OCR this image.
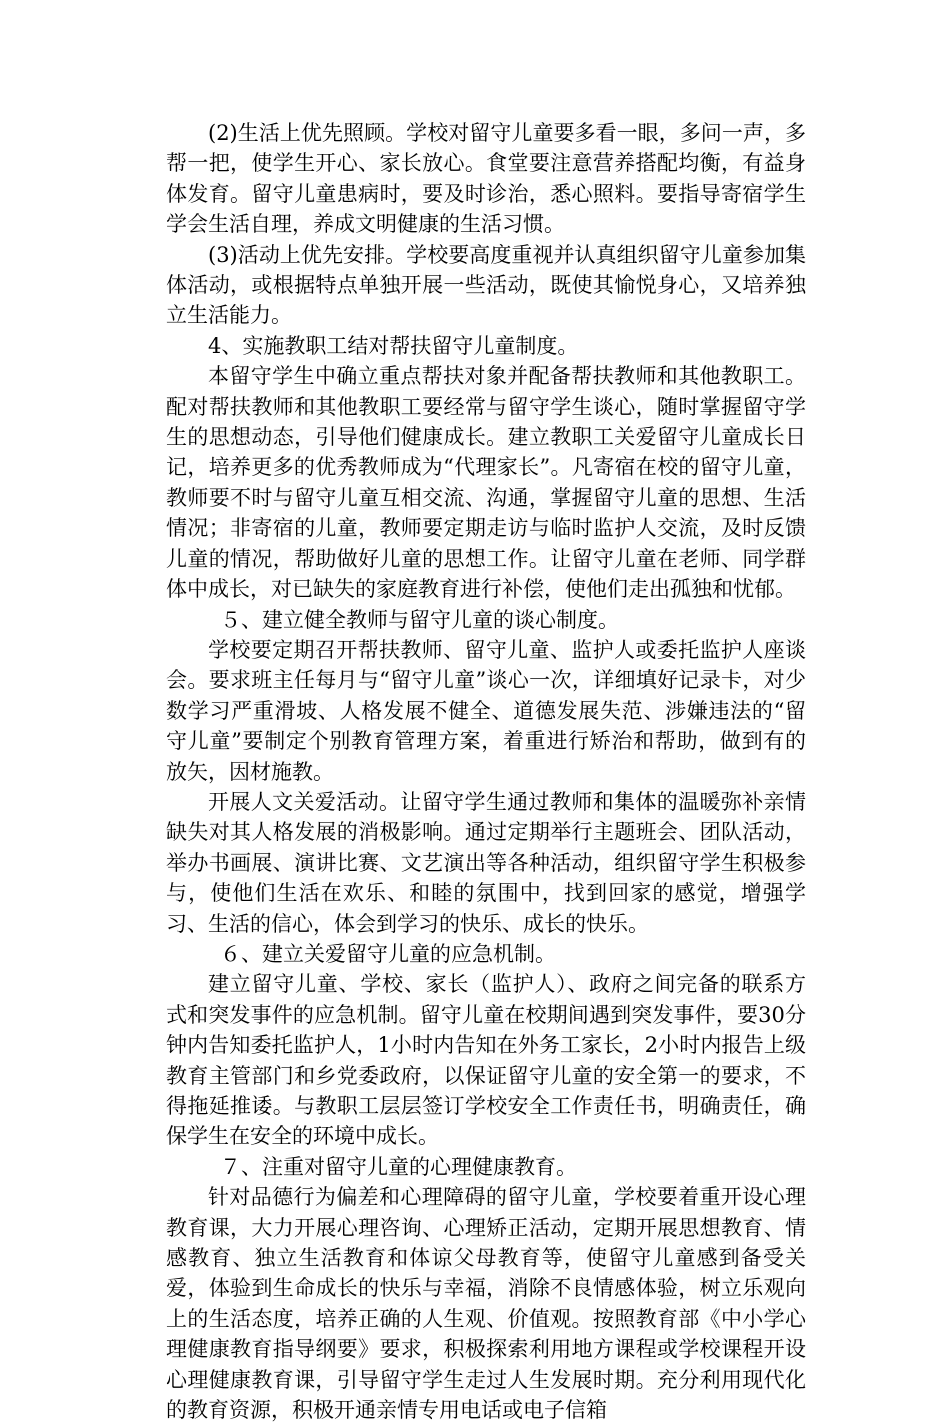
(2)生活上优先照顾。学校对留守儿童要多看一眼，多问一声，多帮一把，使学生开心、家长放心。食堂要注意营养搭配均衡，有益身体发育。留守儿童患病时，要及时诊治，悉心照料。要指导寄宿学生学会生活自理，养成文明健康的生活习惯。

(3)活动上优先安排。学校要高度重视并认真组织留守儿童参加集体活动，或根据特点单独开展一些活动，既使其愉悦身心，又培养独立生活能力。

4、实施教职工结对帮扶留守儿童制度。

本留守学生中确立重点帮扶对象并配备帮扶教师和其他教职工。配对帮扶教师和其他教职工要经常与留守学生谈心，随时掌握留守学生的思想动态，引导他们健康成长。建立教职工关爱留守儿童成长日记，培养更多的优秀教师成为“代理家长”。凡寄宿在校的留守儿童，教师要不时与留守儿童互相交流、沟通，掌握留守儿童的思想、生活情况；非寄宿的儿童，教师要定期走访与临时监护人交流，及时反馈儿童的情况，帮助做好儿童的思想工作。让留守儿童在老师、同学群体中成长，对已缺失的家庭教育进行补偿，使他们走出孤独和忧郁。

５、建立健全教师与留守儿童的谈心制度。

学校要定期召开帮扶教师、留守儿童、监护人或委托监护人座谈会。要求班主任每月与“留守儿童”谈心一次，详细填好记录卡，对少数学习严重滑坡、人格发展不健全、道德发展失范、涉嫌违法的“留守儿童”要制定个别教育管理方案，着重进行矫治和帮助，做到有的放矢，因材施教。

开展人文关爱活动。让留守学生通过教师和集体的温暖弥补亲情缺失对其人格发展的消极影响。通过定期举行主题班会、团队活动，举办书画展、演讲比赛、文艺演出等各种活动，组织留守学生积极参与，使他们生活在欢乐、和睦的氛围中，找到回家的感觉，增强学习、生活的信心，体会到学习的快乐、成长的快乐。

６、建立关爱留守儿童的应急机制。

建立留守儿童、学校、家长（监护人）、政府之间完备的联系方式和突发事件的应急机制。留守儿童在校期间遇到突发事件，要30分钟内告知委托监护人，1小时内告知在外务工家长，2小时内报告上级教育主管部门和乡党委政府，以保证留守儿童的安全第一的要求，不得拖延推诿。与教职工层层签订学校安全工作责任书，明确责任，确保学生在安全的环境中成长。

７、注重对留守儿童的心理健康教育。

针对品德行为偏差和心理障碍的留守儿童，学校要着重开设心理教育课，大力开展心理咨询、心理矫正活动，定期开展思想教育、情感教育、独立生活教育和体谅父母教育等，使留守儿童感到备受关爱，体验到生命成长的快乐与幸福，消除不良情感体验，树立乐观向上的生活态度，培养正确的人生观、价值观。按照教育部《中小学心理健康教育指导纲要》要求，积极探索利用地方课程或学校课程开设心理健康教育课，引导留守学生走过人生发展时期。充分利用现代化的教育资源，积极开通亲情专用电话或电子信箱
